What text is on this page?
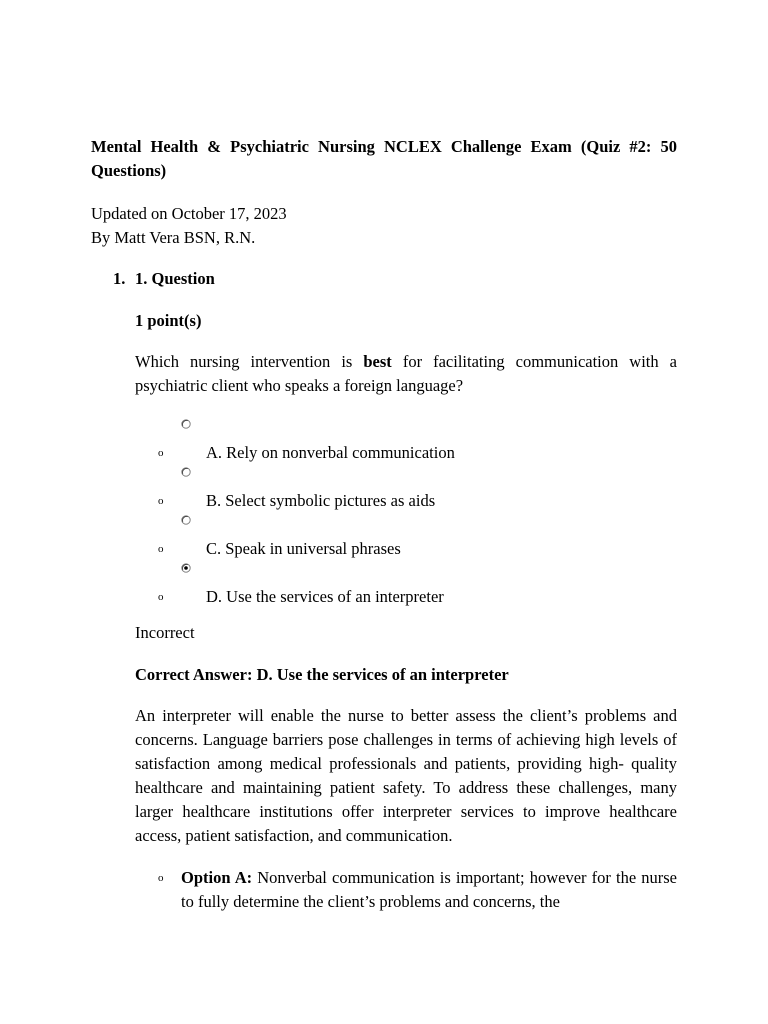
Mental Health & Psychiatric Nursing NCLEX Challenge Exam (Quiz #2: 50 Questions)

Updated on October 17, 2023
By Matt Vera BSN, R.N.
1. 1. Question

1 point(s)
Which nursing intervention is best for facilitating communication with a psychiatric client who speaks a foreign language?
o	A. Rely on nonverbal communication
o	B. Select symbolic pictures as aids
o	C. Speak in universal phrases
o	D. Use the services of an interpreter
Incorrect
Correct Answer: D. Use the services of an interpreter
An interpreter will enable the nurse to better assess the client’s problems and concerns. Language barriers pose challenges in terms of achieving high levels of satisfaction among medical professionals and patients, providing high- quality healthcare and maintaining patient safety. To address these challenges, many larger healthcare institutions offer interpreter services to improve healthcare access, patient satisfaction, and communication.
o Option A: Nonverbal communication is important; however for the nurse to fully determine the client’s problems and concerns, the
